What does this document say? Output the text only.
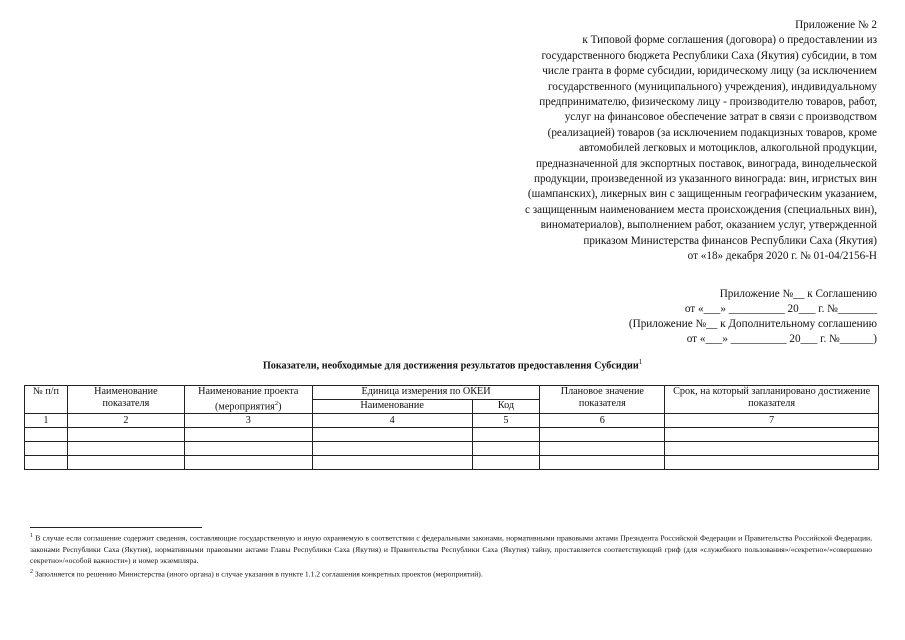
Приложение № 2
к Типовой форме соглашения (договора) о предоставлении из
государственного бюджета Республики Саха (Якутия) субсидии, в том
числе гранта в форме субсидии, юридическому лицу (за исключением
государственного (муниципального) учреждения), индивидуальному
предпринимателю, физическому лицу - производителю товаров, работ,
услуг на финансовое обеспечение затрат в связи с производством
(реализацией) товаров (за исключением подакцизных товаров, кроме
автомобилей легковых и мотоциклов, алкогольной продукции,
предназначенной для экспортных поставок, винограда, винодельческой
продукции, произведенной из указанного винограда: вин, игристых вин
(шампанских), ликерных вин с защищенным географическим указанием,
с защищенным наименованием места происхождения (специальных вин),
виноматериалов), выполнением работ, оказанием услуг, утвержденной
приказом Министерства финансов Республики Саха (Якутия)
от «18» декабря 2020 г. № 01-04/2156-Н
Приложение №__ к Соглашению
от «___» __________ 20___ г. №_______
(Приложение №__ к Дополнительному соглашению
от «___» __________ 20___ г. №______)
Показатели, необходимые для достижения результатов предоставления Субсидии$^1$
№ п/п	Наименование показателя	Наименование проекта (мероприятия$^2$)	Единица измерения по ОКЕИ		Плановое значение показателя	Срок, на который запланировано достижение показателя
			Наименование	Код		
1	2	3	4	5	6	7

$^1$ В случае если соглашение содержит сведения, составляющие государственную и иную охраняемую в соответствии с федеральными законами, нормативными правовыми актами Президента Российской Федерации и Правительства Российской Федерации, законами Республики Саха (Якутия), нормативными правовыми актами Главы Республики Саха (Якутия) и Правительства Республики Саха (Якутия) тайну, проставляется соответствующий гриф (для «служебного пользования»/«секретно»/«совершенно секретно»/«особой важности») и номер экземпляра.

$^2$ Заполняется по решению Министерства (иного органа) в случае указания в пункте 1.1.2 соглашения конкретных проектов (мероприятий).
